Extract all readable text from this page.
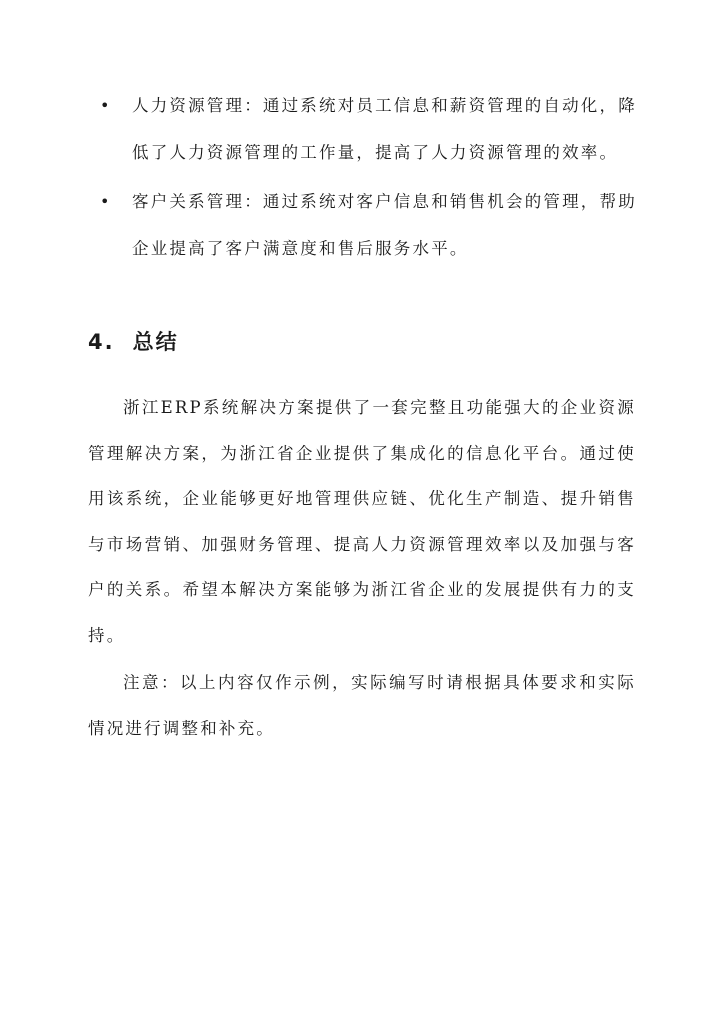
•	人力资源管理：通过系统对员工信息和薪资管理的自动化，降低了人力资源管理的工作量，提高了人力资源管理的效率。
•	客户关系管理：通过系统对客户信息和销售机会的管理，帮助企业提高了客户满意度和售后服务水平。
4. 总结

浙江ERP系统解决方案提供了一套完整且功能强大的企业资源管理解决方案，为浙江省企业提供了集成化的信息化平台。通过使用该系统，企业能够更好地管理供应链、优化生产制造、提升销售与市场营销、加强财务管理、提高人力资源管理效率以及加强与客户的关系。希望本解决方案能够为浙江省企业的发展提供有力的支持。

注意：以上内容仅作示例，实际编写时请根据具体要求和实际情况进行调整和补充。
